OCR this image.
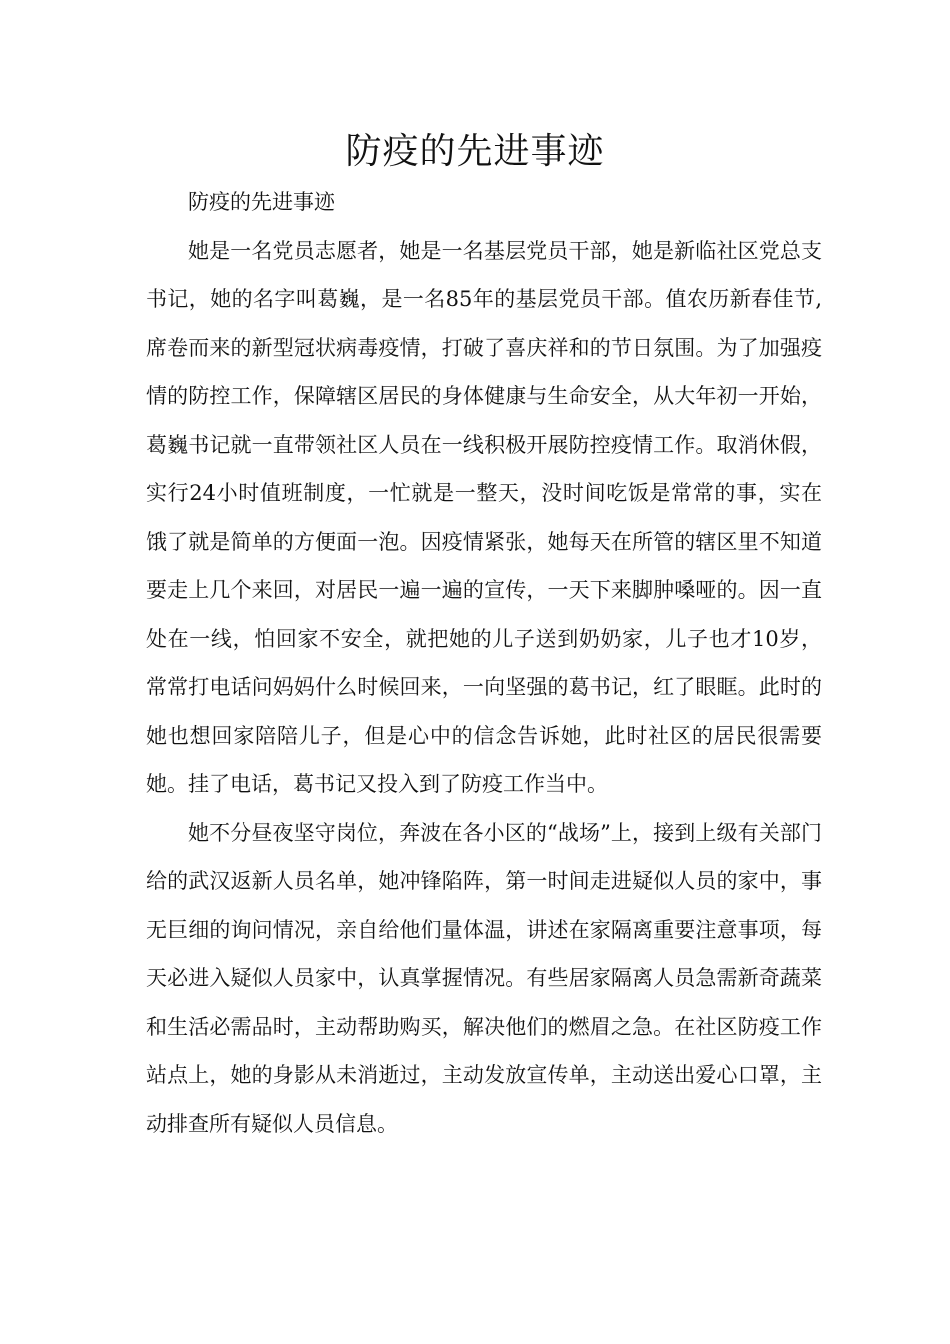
防疫的先进事迹

防疫的先进事迹

她是一名党员志愿者，她是一名基层党员干部，她是新临社区党总支书记，她的名字叫葛巍，是一名85年的基层党员干部。值农历新春佳节,席卷而来的新型冠状病毒疫情，打破了喜庆祥和的节日氛围。为了加强疫情的防控工作，保障辖区居民的身体健康与生命安全，从大年初一开始，葛巍书记就一直带领社区人员在一线积极开展防控疫情工作。取消休假，实行24小时值班制度，一忙就是一整天，没时间吃饭是常常的事，实在饿了就是简单的方便面一泡。因疫情紧张，她每天在所管的辖区里不知道要走上几个来回，对居民一遍一遍的宣传，一天下来脚肿嗓哑的。因一直处在一线，怕回家不安全，就把她的儿子送到奶奶家，儿子也才10岁，常常打电话问妈妈什么时候回来，一向坚强的葛书记，红了眼眶。此时的她也想回家陪陪儿子，但是心中的信念告诉她，此时社区的居民很需要她。挂了电话，葛书记又投入到了防疫工作当中。

她不分昼夜坚守岗位，奔波在各小区的“战场”上，接到上级有关部门给的武汉返新人员名单，她冲锋陷阵，第一时间走进疑似人员的家中，事无巨细的询问情况，亲自给他们量体温，讲述在家隔离重要注意事项，每天必进入疑似人员家中，认真掌握情况。有些居家隔离人员急需新奇蔬菜和生活必需品时，主动帮助购买，解决他们的燃眉之急。在社区防疫工作站点上，她的身影从未消逝过，主动发放宣传单，主动送出爱心口罩，主动排查所有疑似人员信息。
